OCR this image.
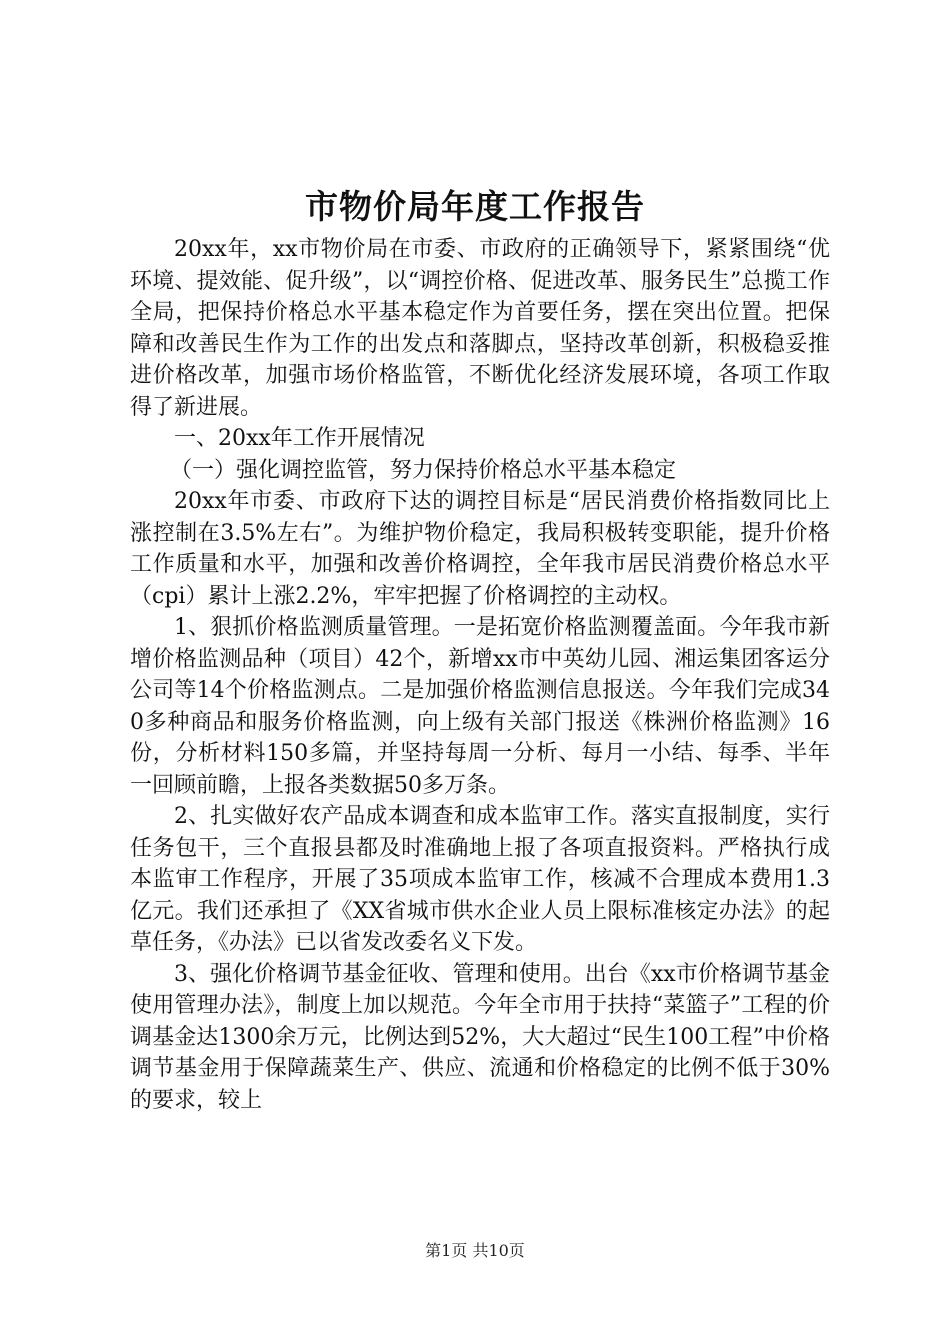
市物价局年度工作报告

20xx年，xx市物价局在市委、市政府的正确领导下，紧紧围绕“优环境、提效能、促升级”，以“调控价格、促进改革、服务民生”总揽工作全局，把保持价格总水平基本稳定作为首要任务，摆在突出位置。把保障和改善民生作为工作的出发点和落脚点，坚持改革创新，积极稳妥推进价格改革，加强市场价格监管，不断优化经济发展环境，各项工作取得了新进展。

一、20xx年工作开展情况

（一）强化调控监管，努力保持价格总水平基本稳定

20xx年市委、市政府下达的调控目标是“居民消费价格指数同比上涨控制在3.5%左右”。为维护物价稳定，我局积极转变职能，提升价格工作质量和水平，加强和改善价格调控，全年我市居民消费价格总水平（cpi）累计上涨2.2%，牢牢把握了价格调控的主动权。

1、狠抓价格监测质量管理。一是拓宽价格监测覆盖面。今年我市新增价格监测品种（项目）42个，新增xx市中英幼儿园、湘运集团客运分公司等14个价格监测点。二是加强价格监测信息报送。今年我们完成340多种商品和服务价格监测，向上级有关部门报送《株洲价格监测》16份，分析材料150多篇，并坚持每周一分析、每月一小结、每季、半年一回顾前瞻，上报各类数据50多万条。

2、扎实做好农产品成本调查和成本监审工作。落实直报制度，实行任务包干，三个直报县都及时准确地上报了各项直报资料。严格执行成本监审工作程序，开展了35项成本监审工作，核减不合理成本费用1.3亿元。我们还承担了《XX省城市供水企业人员上限标准核定办法》的起草任务，《办法》已以省发改委名义下发。

3、强化价格调节基金征收、管理和使用。出台《xx市价格调节基金使用管理办法》，制度上加以规范。今年全市用于扶持“菜篮子”工程的价调基金达1300余万元，比例达到52%，大大超过“民生100工程”中价格调节基金用于保障蔬菜生产、供应、流通和价格稳定的比例不低于30%的要求，较上

第1页 共10页
